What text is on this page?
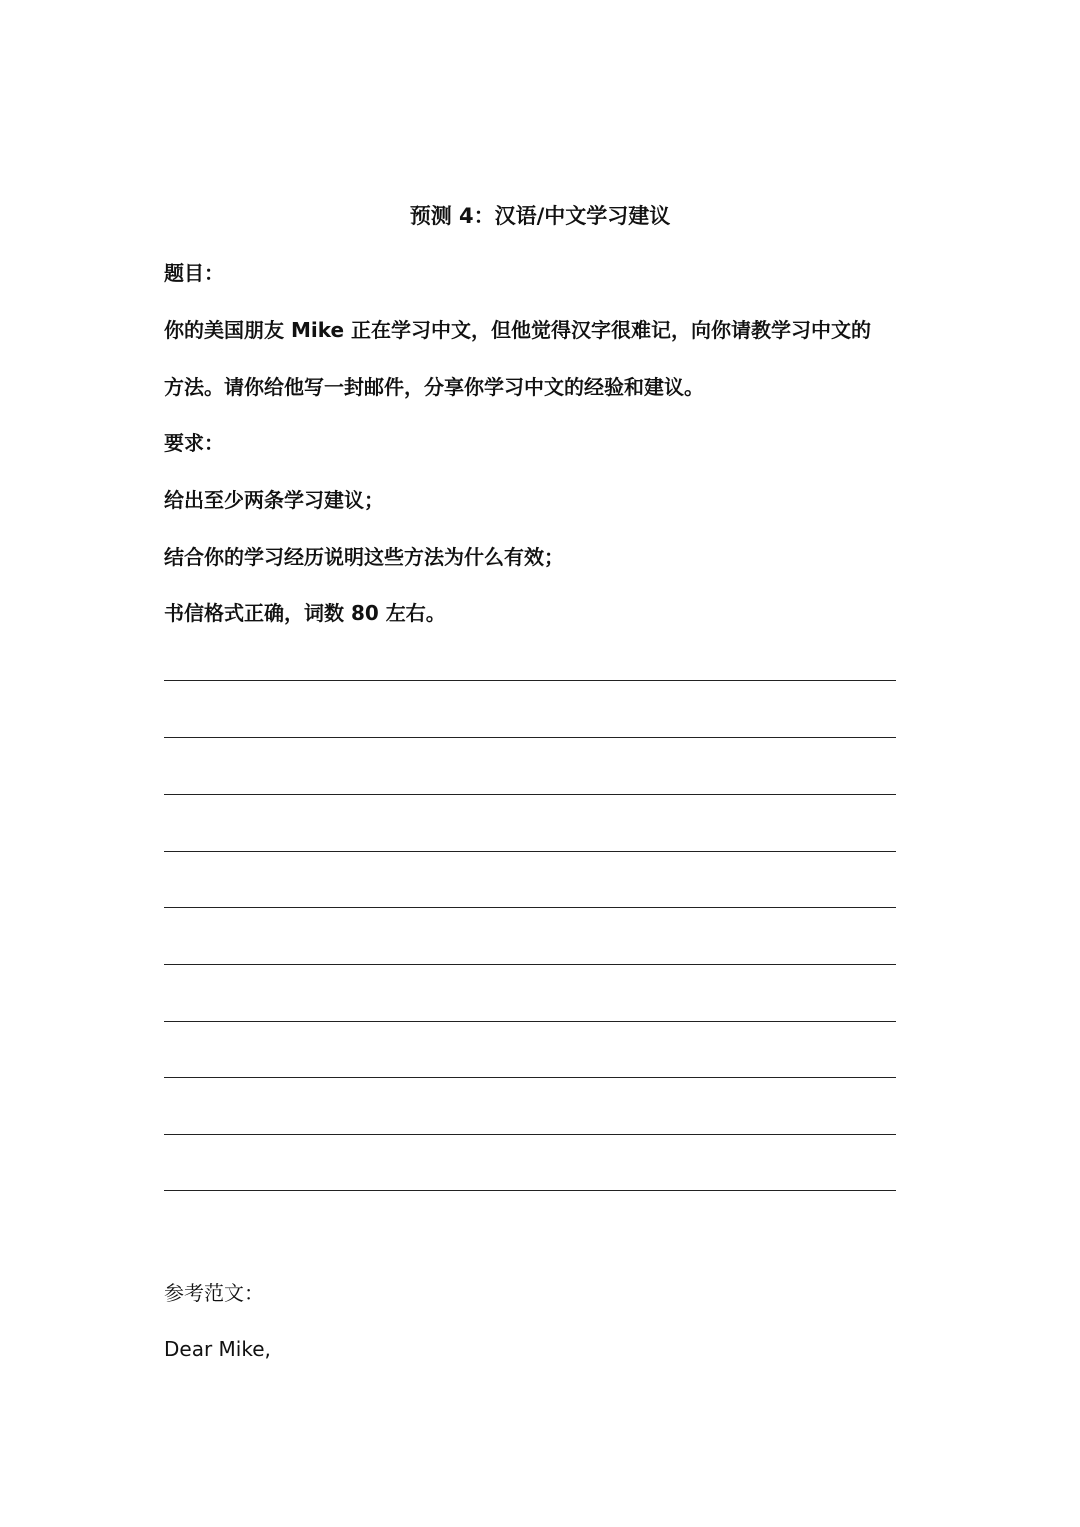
预测 4：汉语/中文学习建议
题目：
你的美国朋友 Mike 正在学习中文，但他觉得汉字很难记，向你请教学习中文的
方法。请你给他写一封邮件，分享你学习中文的经验和建议。
要求：
给出至少两条学习建议；
结合你的学习经历说明这些方法为什么有效；
书信格式正确，词数 80 左右。
参考范文：
Dear Mike,
